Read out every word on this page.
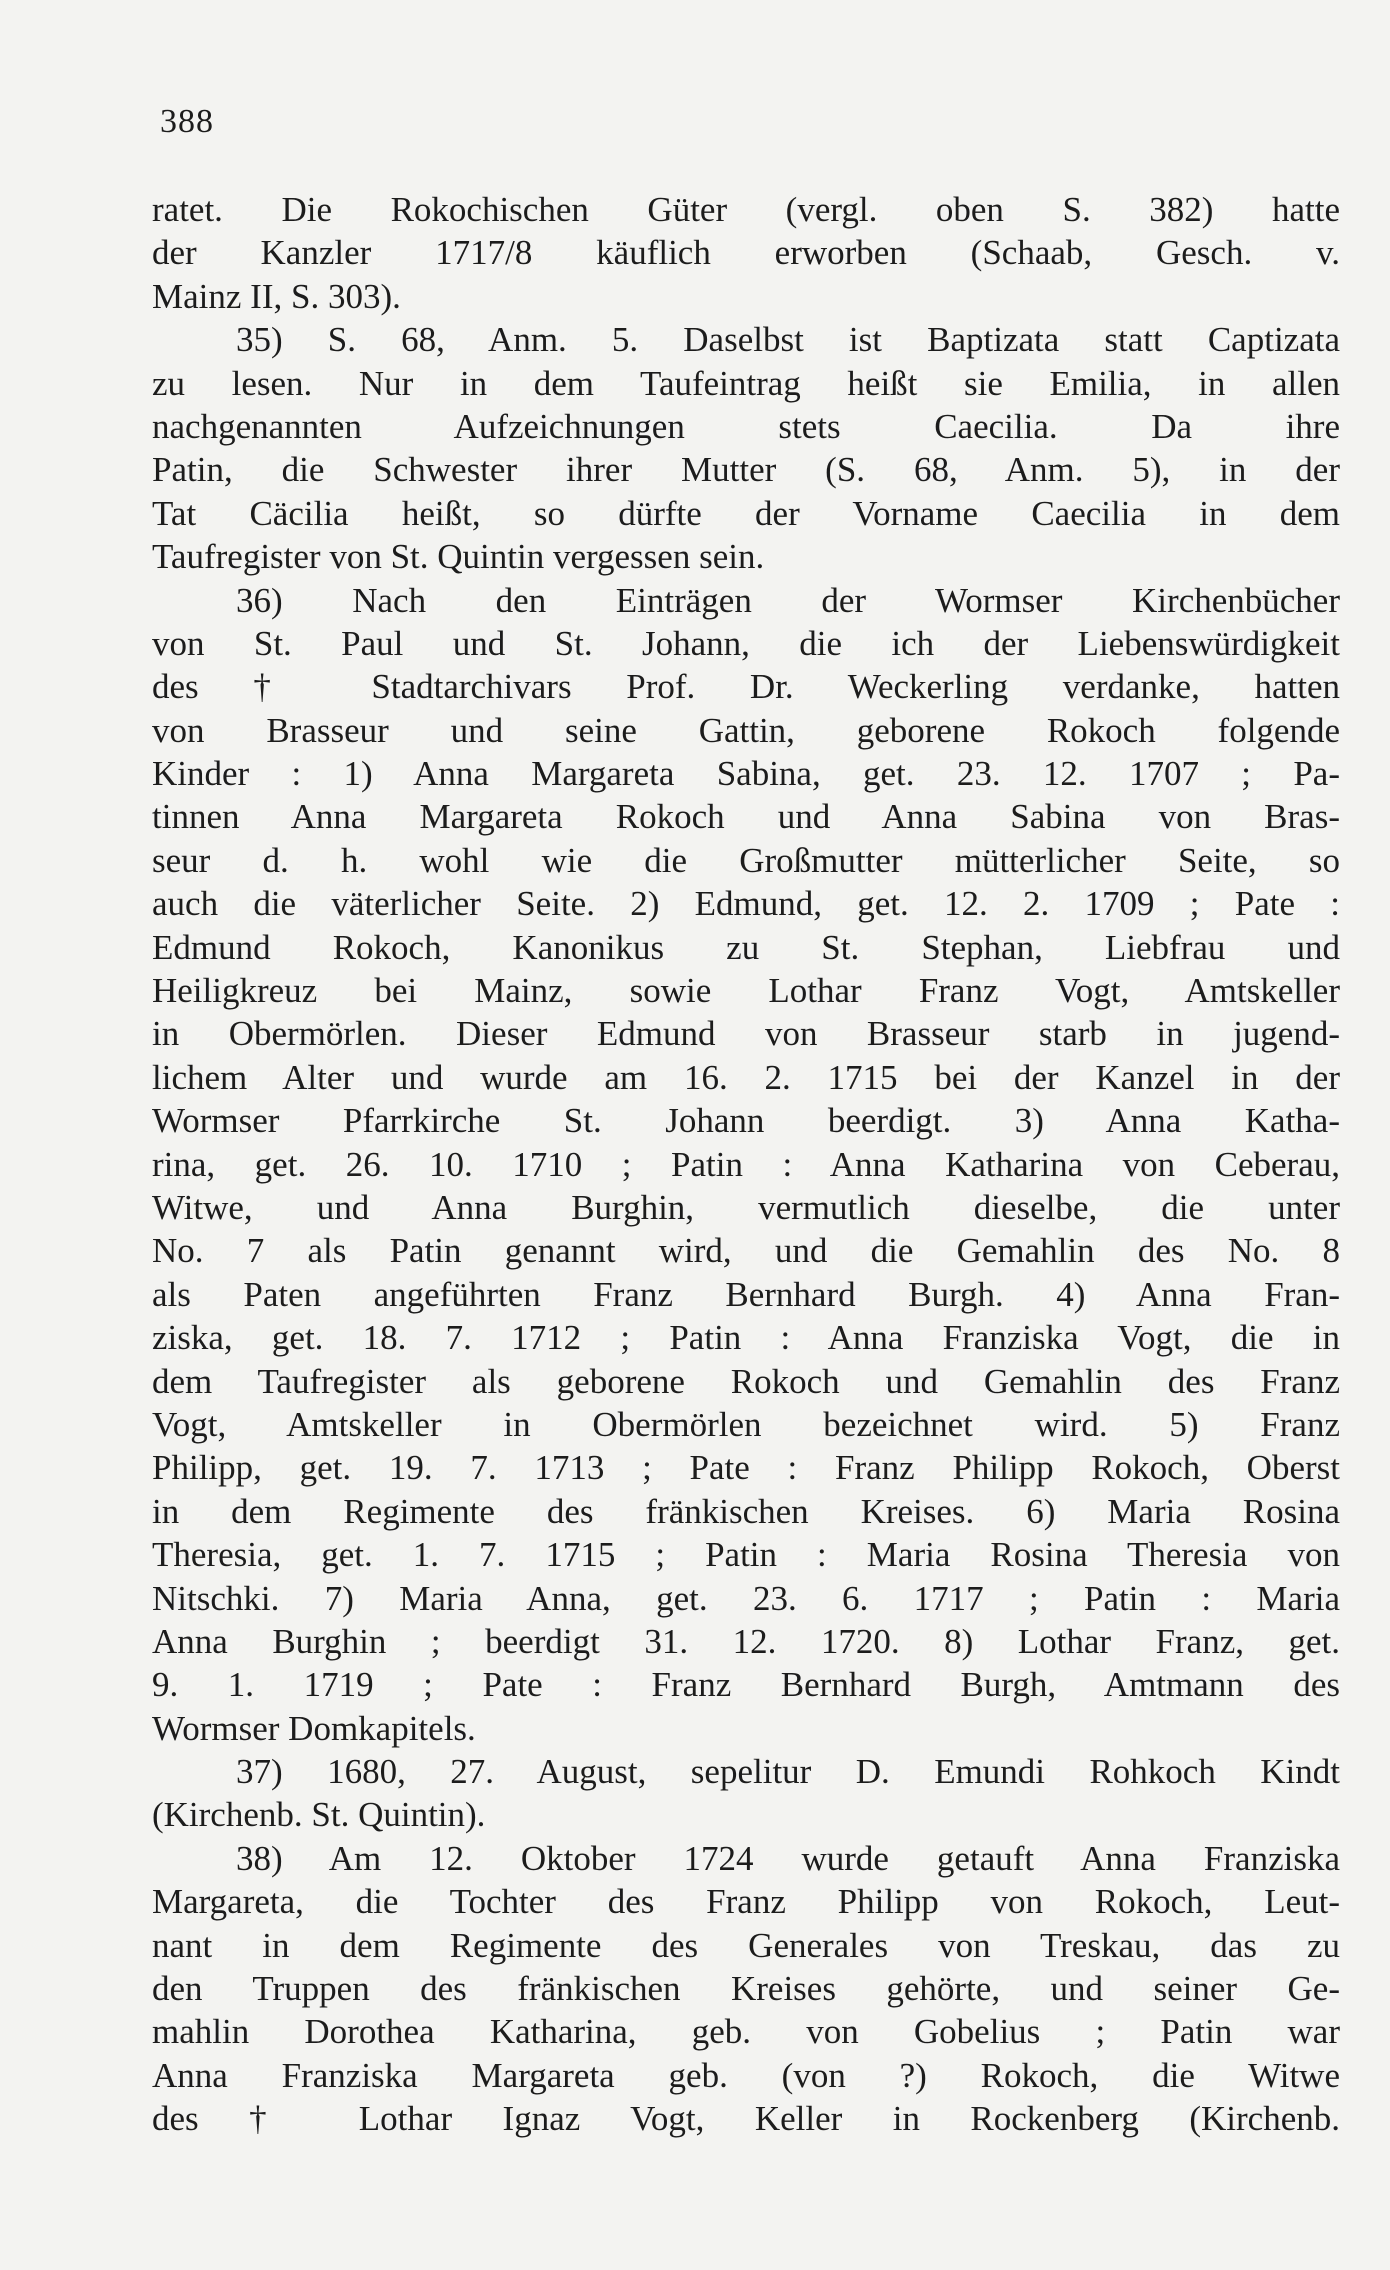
388

ratet. Die Rokochischen Güter (vergl. oben S. 382) hatte
der Kanzler 1717/8 käuflich erworben (Schaab, Gesch. v.
Mainz II, S. 303).
35) S. 68, Anm. 5. Daselbst ist Baptizata statt Captizata
zu lesen. Nur in dem Taufeintrag heißt sie Emilia, in allen
nachgenannten Aufzeichnungen stets Caecilia. Da ihre
Patin, die Schwester ihrer Mutter (S. 68, Anm. 5), in der
Tat Cäcilia heißt, so dürfte der Vorname Caecilia in dem
Taufregister von St. Quintin vergessen sein.
36) Nach den Einträgen der Wormser Kirchenbücher
von St. Paul und St. Johann, die ich der Liebenswürdigkeit
des † Stadtarchivars Prof. Dr. Weckerling verdanke, hatten
von Brasseur und seine Gattin, geborene Rokoch folgende
Kinder : 1) Anna Margareta Sabina, get. 23. 12. 1707 ; Pa-
tinnen Anna Margareta Rokoch und Anna Sabina von Bras-
seur d. h. wohl wie die Großmutter mütterlicher Seite, so
auch die väterlicher Seite. 2) Edmund, get. 12. 2. 1709 ; Pate :
Edmund Rokoch, Kanonikus zu St. Stephan, Liebfrau und
Heiligkreuz bei Mainz, sowie Lothar Franz Vogt, Amtskeller
in Obermörlen. Dieser Edmund von Brasseur starb in jugend-
lichem Alter und wurde am 16. 2. 1715 bei der Kanzel in der
Wormser Pfarrkirche St. Johann beerdigt. 3) Anna Katha-
rina, get. 26. 10. 1710 ; Patin : Anna Katharina von Ceberau,
Witwe, und Anna Burghin, vermutlich dieselbe, die unter
No. 7 als Patin genannt wird, und die Gemahlin des No. 8
als Paten angeführten Franz Bernhard Burgh. 4) Anna Fran-
ziska, get. 18. 7. 1712 ; Patin : Anna Franziska Vogt, die in
dem Taufregister als geborene Rokoch und Gemahlin des Franz
Vogt, Amtskeller in Obermörlen bezeichnet wird. 5) Franz
Philipp, get. 19. 7. 1713 ; Pate : Franz Philipp Rokoch, Oberst
in dem Regimente des fränkischen Kreises. 6) Maria Rosina
Theresia, get. 1. 7. 1715 ; Patin : Maria Rosina Theresia von
Nitschki. 7) Maria Anna, get. 23. 6. 1717 ; Patin : Maria
Anna Burghin ; beerdigt 31. 12. 1720. 8) Lothar Franz, get.
9. 1. 1719 ; Pate : Franz Bernhard Burgh, Amtmann des
Wormser Domkapitels.
37) 1680, 27. August, sepelitur D. Emundi Rohkoch Kindt
(Kirchenb. St. Quintin).
38) Am 12. Oktober 1724 wurde getauft Anna Franziska
Margareta, die Tochter des Franz Philipp von Rokoch, Leut-
nant in dem Regimente des Generales von Treskau, das zu
den Truppen des fränkischen Kreises gehörte, und seiner Ge-
mahlin Dorothea Katharina, geb. von Gobelius ; Patin war
Anna Franziska Margareta geb. (von ?) Rokoch, die Witwe
des † Lothar Ignaz Vogt, Keller in Rockenberg (Kirchenb.
